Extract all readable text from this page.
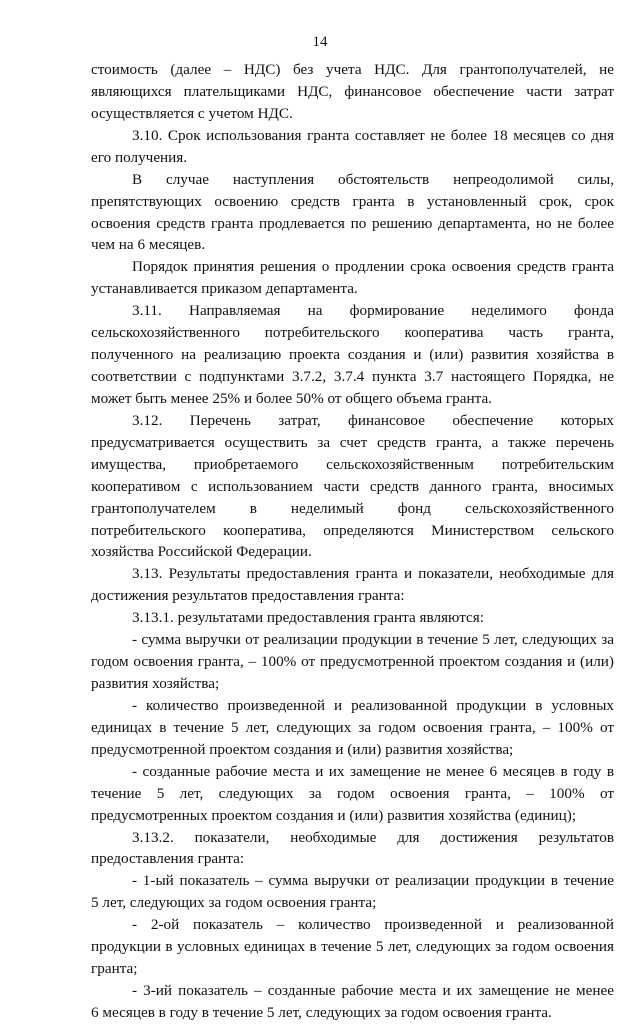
14
стоимость (далее – НДС) без учета НДС. Для грантополучателей, не
являющихся плательщиками НДС, финансовое обеспечение части затрат
осуществляется с учетом НДС.
3.10. Срок использования гранта составляет не более 18 месяцев со дня
его получения.
В случае наступления обстоятельств непреодолимой силы,
препятствующих освоению средств гранта в установленный срок, срок
освоения средств гранта продлевается по решению департамента, но не более
чем на 6 месяцев.
Порядок принятия решения о продлении срока освоения средств гранта
устанавливается приказом департамента.
3.11. Направляемая на формирование неделимого фонда
сельскохозяйственного потребительского кооператива часть гранта,
полученного на реализацию проекта создания и (или) развития хозяйства в
соответствии с подпунктами 3.7.2, 3.7.4 пункта 3.7 настоящего Порядка, не
может быть менее 25% и более 50% от общего объема гранта.
3.12. Перечень затрат, финансовое обеспечение которых
предусматривается осуществить за счет средств гранта, а также перечень
имущества, приобретаемого сельскохозяйственным потребительским
кооперативом с использованием части средств данного гранта, вносимых
грантополучателем в неделимый фонд сельскохозяйственного
потребительского кооператива, определяются Министерством сельского
хозяйства Российской Федерации.
3.13. Результаты предоставления гранта и показатели, необходимые для
достижения результатов предоставления гранта:
3.13.1. результатами предоставления гранта являются:
- сумма выручки от реализации продукции в течение 5 лет, следующих за
годом освоения гранта, – 100% от предусмотренной проектом создания и (или)
развития хозяйства;
- количество произведенной и реализованной продукции в условных
единицах в течение 5 лет, следующих за годом освоения гранта, – 100% от
предусмотренной проектом создания и (или) развития хозяйства;
- созданные рабочие места и их замещение не менее 6 месяцев в году в
течение 5 лет, следующих за годом освоения гранта, – 100% от
предусмотренных проектом создания и (или) развития хозяйства (единиц);
3.13.2. показатели, необходимые для достижения результатов
предоставления гранта:
- 1-ый показатель – сумма выручки от реализации продукции в течение
5 лет, следующих за годом освоения гранта;
- 2-ой показатель – количество произведенной и реализованной
продукции в условных единицах в течение 5 лет, следующих за годом освоения
гранта;
- 3-ий показатель – созданные рабочие места и их замещение не менее
6 месяцев в году в течение 5 лет, следующих за годом освоения гранта.
